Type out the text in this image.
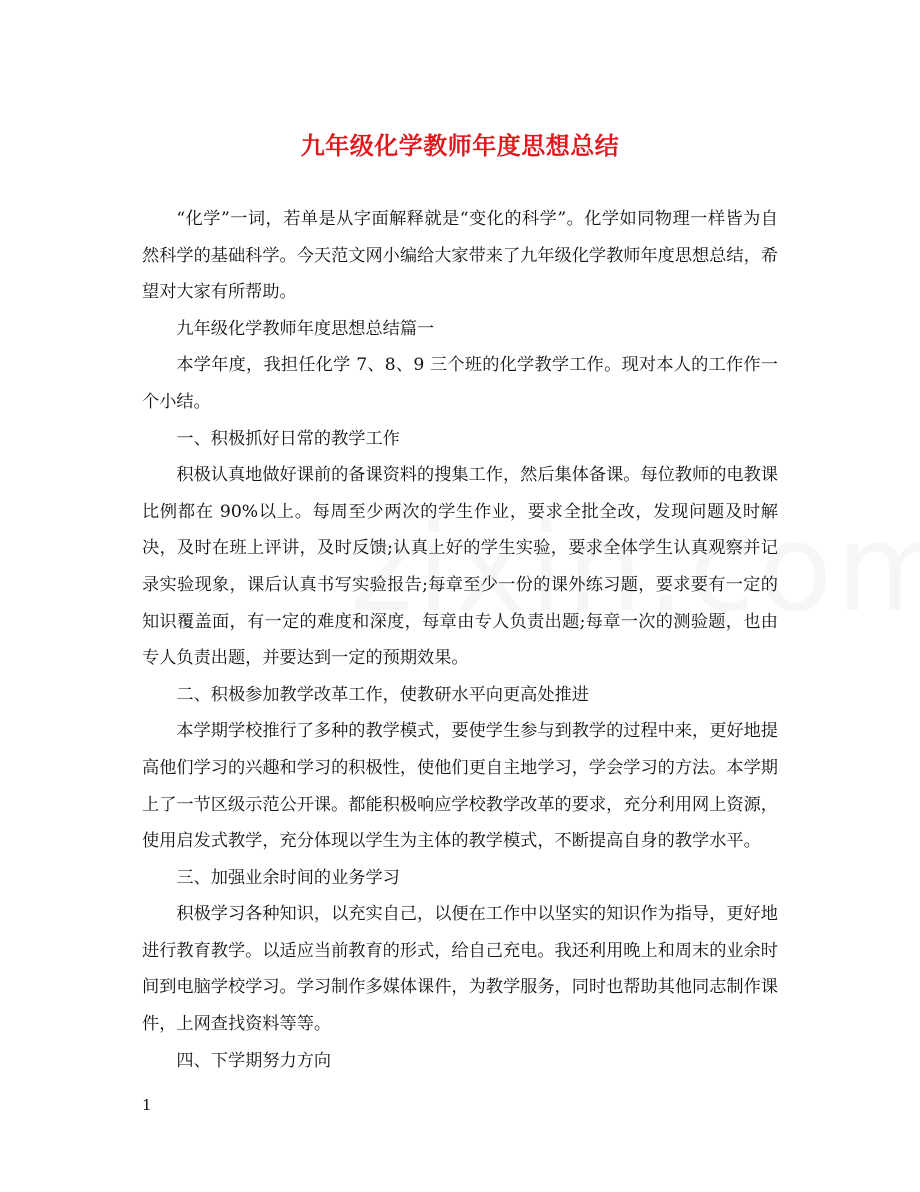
九年级化学教师年度思想总结

“化学”一词，若单是从字面解释就是“变化的科学”。化学如同物理一样皆为自然科学的基础科学。今天范文网小编给大家带来了九年级化学教师年度思想总结，希望对大家有所帮助。

九年级化学教师年度思想总结篇一

本学年度，我担任化学 7、8、9 三个班的化学教学工作。现对本人的工作作一个小结。

一、积极抓好日常的教学工作

积极认真地做好课前的备课资料的搜集工作，然后集体备课。每位教师的电教课比例都在 90%以上。每周至少两次的学生作业，要求全批全改，发现问题及时解决，及时在班上评讲，及时反馈;认真上好的学生实验，要求全体学生认真观察并记录实验现象，课后认真书写实验报告;每章至少一份的课外练习题，要求要有一定的知识覆盖面，有一定的难度和深度，每章由专人负责出题;每章一次的测验题，也由专人负责出题，并要达到一定的预期效果。

二、积极参加教学改革工作，使教研水平向更高处推进

本学期学校推行了多种的教学模式，要使学生参与到教学的过程中来，更好地提高他们学习的兴趣和学习的积极性，使他们更自主地学习，学会学习的方法。本学期上了一节区级示范公开课。都能积极响应学校教学改革的要求，充分利用网上资源，使用启发式教学，充分体现以学生为主体的教学模式，不断提高自身的教学水平。

三、加强业余时间的业务学习

积极学习各种知识，以充实自己，以便在工作中以坚实的知识作为指导，更好地进行教育教学。以适应当前教育的形式，给自己充电。我还利用晚上和周末的业余时间到电脑学校学习。学习制作多媒体课件，为教学服务，同时也帮助其他同志制作课件，上网查找资料等等。

四、下学期努力方向

1
